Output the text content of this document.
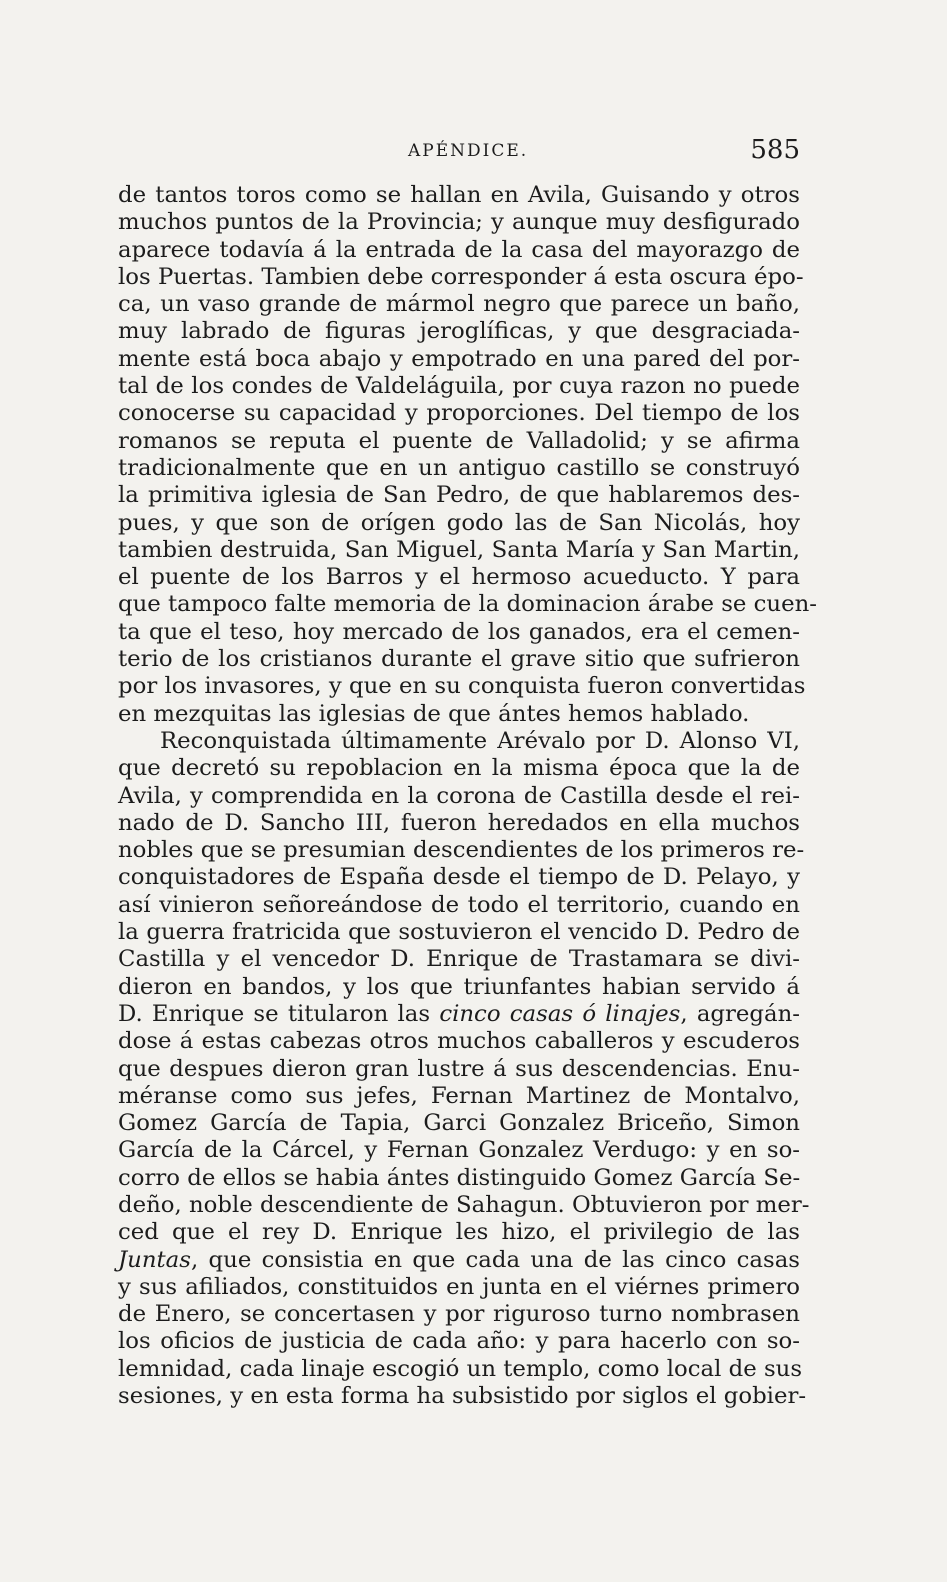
APÉNDICE.	585
de tantos toros como se hallan en Avila, Guisando y otros
muchos puntos de la Provincia; y aunque muy desfigurado
aparece todavía á la entrada de la casa del mayorazgo de
los Puertas. Tambien debe corresponder á esta oscura épo-
ca, un vaso grande de mármol negro que parece un baño,
muy labrado de figuras jeroglíficas, y que desgraciada-
mente está boca abajo y empotrado en una pared del por-
tal de los condes de Valdeláguila, por cuya razon no puede
conocerse su capacidad y proporciones. Del tiempo de los
romanos se reputa el puente de Valladolid; y se afirma
tradicionalmente que en un antiguo castillo se construyó
la primitiva iglesia de San Pedro, de que hablaremos des-
pues, y que son de orígen godo las de San Nicolás, hoy
tambien destruida, San Miguel, Santa María y San Martin,
el puente de los Barros y el hermoso acueducto. Y para
que tampoco falte memoria de la dominacion árabe se cuen-
ta que el teso, hoy mercado de los ganados, era el cemen-
terio de los cristianos durante el grave sitio que sufrieron
por los invasores, y que en su conquista fueron convertidas
en mezquitas las iglesias de que ántes hemos hablado.
Reconquistada últimamente Arévalo por D. Alonso VI,
que decretó su repoblacion en la misma época que la de
Avila, y comprendida en la corona de Castilla desde el rei-
nado de D. Sancho III, fueron heredados en ella muchos
nobles que se presumian descendientes de los primeros re-
conquistadores de España desde el tiempo de D. Pelayo, y
así vinieron señoreándose de todo el territorio, cuando en
la guerra fratricida que sostuvieron el vencido D. Pedro de
Castilla y el vencedor D. Enrique de Trastamara se divi-
dieron en bandos, y los que triunfantes habian servido á
D. Enrique se titularon las cinco casas ó linajes, agregán-
dose á estas cabezas otros muchos caballeros y escuderos
que despues dieron gran lustre á sus descendencias. Enu-
méranse como sus jefes, Fernan Martinez de Montalvo,
Gomez García de Tapia, Garci Gonzalez Briceño, Simon
García de la Cárcel, y Fernan Gonzalez Verdugo: y en so-
corro de ellos se habia ántes distinguido Gomez García Se-
deño, noble descendiente de Sahagun. Obtuvieron por mer-
ced que el rey D. Enrique les hizo, el privilegio de las
Juntas, que consistia en que cada una de las cinco casas
y sus afiliados, constituidos en junta en el viérnes primero
de Enero, se concertasen y por riguroso turno nombrasen
los oficios de justicia de cada año: y para hacerlo con so-
lemnidad, cada linaje escogió un templo, como local de sus
sesiones, y en esta forma ha subsistido por siglos el gobier-
